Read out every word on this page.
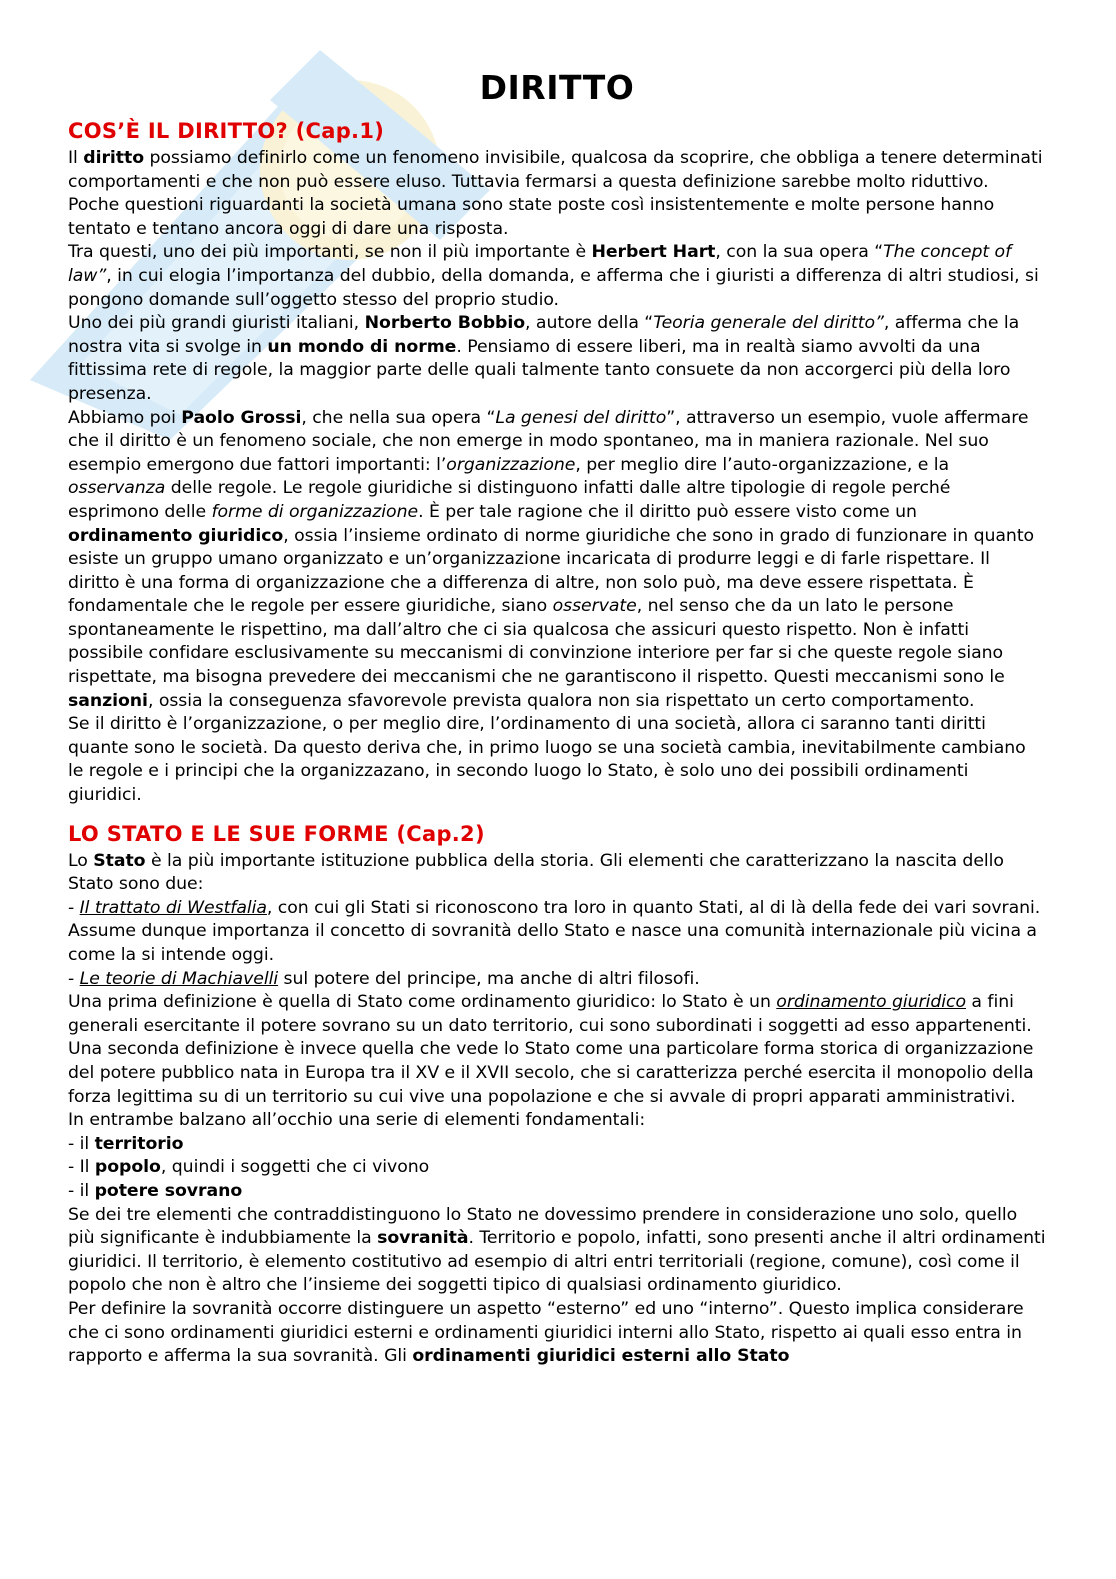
DIRITTO
COS’È IL DIRITTO? (Cap.1)

Il diritto possiamo definirlo come un fenomeno invisibile, qualcosa da scoprire, che obbliga a tenere determinati comportamenti e che non può essere eluso. Tuttavia fermarsi a questa definizione sarebbe molto riduttivo.

Poche questioni riguardanti la società umana sono state poste così insistentemente e molte persone hanno tentato e tentano ancora oggi di dare una risposta.

Tra questi, uno dei più importanti, se non il più importante è Herbert Hart, con la sua opera “The concept of law”, in cui elogia l’importanza del dubbio, della domanda, e afferma che i giuristi a differenza di altri studiosi, si pongono domande sull’oggetto stesso del proprio studio.

Uno dei più grandi giuristi italiani, Norberto Bobbio, autore della “Teoria generale del diritto”, afferma che la nostra vita si svolge in un mondo di norme. Pensiamo di essere liberi, ma in realtà siamo avvolti da una fittissima rete di regole, la maggior parte delle quali talmente tanto consuete da non accorgerci più della loro presenza.

Abbiamo poi Paolo Grossi, che nella sua opera “La genesi del diritto”, attraverso un esempio, vuole affermare che il diritto è un fenomeno sociale, che non emerge in modo spontaneo, ma in maniera razionale. Nel suo esempio emergono due fattori importanti: l’organizzazione, per meglio dire l’auto-organizzazione, e la osservanza delle regole. Le regole giuridiche si distinguono infatti dalle altre tipologie di regole perché esprimono delle forme di organizzazione. È per tale ragione che il diritto può essere visto come un ordinamento giuridico, ossia l’insieme ordinato di norme giuridiche che sono in grado di funzionare in quanto esiste un gruppo umano organizzato e un’organizzazione incaricata di produrre leggi e di farle rispettare. Il diritto è una forma di organizzazione che a differenza di altre, non solo può, ma deve essere rispettata. È fondamentale che le regole per essere giuridiche, siano osservate, nel senso che da un lato le persone spontaneamente le rispettino, ma dall’altro che ci sia qualcosa che assicuri questo rispetto. Non è infatti possibile confidare esclusivamente su meccanismi di convinzione interiore per far si che queste regole siano rispettate, ma bisogna prevedere dei meccanismi che ne garantiscono il rispetto. Questi meccanismi sono le sanzioni, ossia la conseguenza sfavorevole prevista qualora non sia rispettato un certo comportamento.

Se il diritto è l’organizzazione, o per meglio dire, l’ordinamento di una società, allora ci saranno tanti diritti quante sono le società. Da questo deriva che, in primo luogo se una società cambia, inevitabilmente cambiano le regole e i principi che la organizzazano, in secondo luogo lo Stato, è solo uno dei possibili ordinamenti giuridici.

LO STATO E LE SUE FORME (Cap.2)

Lo Stato è la più importante istituzione pubblica della storia. Gli elementi che caratterizzano la nascita dello Stato sono due:

- Il trattato di Westfalia, con cui gli Stati si riconoscono tra loro in quanto Stati, al di là della fede dei vari sovrani. Assume dunque importanza il concetto di sovranità dello Stato e nasce una comunità internazionale più vicina a come la si intende oggi.

- Le teorie di Machiavelli sul potere del principe, ma anche di altri filosofi.

Una prima definizione è quella di Stato come ordinamento giuridico: lo Stato è un ordinamento giuridico a fini generali esercitante il potere sovrano su un dato territorio, cui sono subordinati i soggetti ad esso appartenenti.

Una seconda definizione è invece quella che vede lo Stato come una particolare forma storica di organizzazione del potere pubblico nata in Europa tra il XV e il XVII secolo, che si caratterizza perché esercita il monopolio della forza legittima su di un territorio su cui vive una popolazione e che si avvale di propri apparati amministrativi.

In entrambe balzano all’occhio una serie di elementi fondamentali:

- il territorio

- Il popolo, quindi i soggetti che ci vivono

- il potere sovrano

Se dei tre elementi che contraddistinguono lo Stato ne dovessimo prendere in considerazione uno solo, quello più significante è indubbiamente la sovranità. Territorio e popolo, infatti, sono presenti anche il altri ordinamenti giuridici. Il territorio, è elemento costitutivo ad esempio di altri entri territoriali (regione, comune), così come il popolo che non è altro che l’insieme dei soggetti tipico di qualsiasi ordinamento giuridico.

Per definire la sovranità occorre distinguere un aspetto “esterno” ed uno “interno”. Questo implica considerare che ci sono ordinamenti giuridici esterni e ordinamenti giuridici interni allo Stato, rispetto ai quali esso entra in rapporto e afferma la sua sovranità. Gli ordinamenti giuridici esterni allo Stato
